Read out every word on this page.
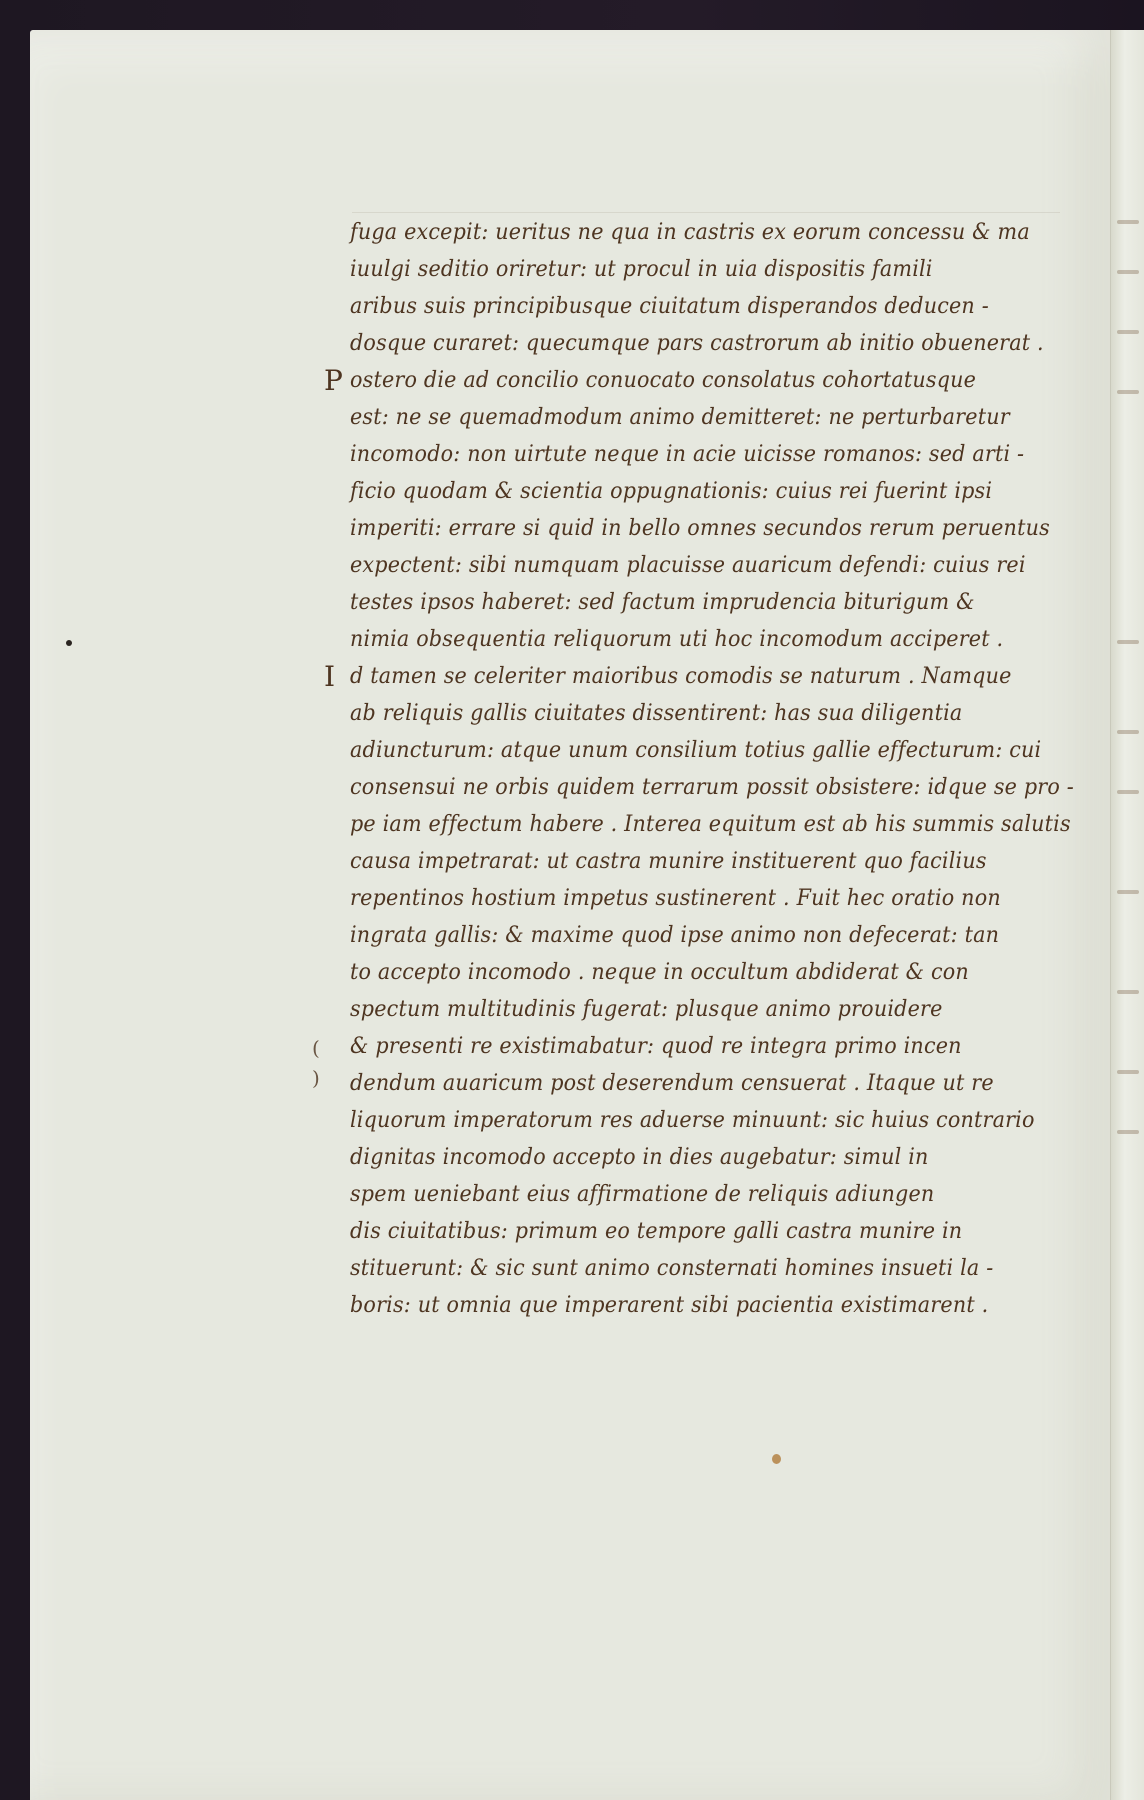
fuga excepit: ueritus ne qua in castris ex eorum concessu & ma
iuulgi seditio oriretur: ut procul in uia dispositis famili
aribus suis principibusque ciuitatum disperandos deducen -
dosque curaret: quecumque pars castrorum ab initio obuenerat .
ostero die ad concilio conuocato consolatus cohortatusque
est: ne se quemadmodum animo demitteret: ne perturbaretur
incomodo: non uirtute neque in acie uicisse romanos: sed arti -
ficio quodam & scientia oppugnationis: cuius rei fuerint ipsi
imperiti: errare si quid in bello omnes secundos rerum peruentus
expectent: sibi numquam placuisse auaricum defendi: cuius rei
testes ipsos haberet: sed factum imprudencia biturigum &
nimia obsequentia reliquorum uti hoc incomodum acciperet .
d tamen se celeriter maioribus comodis se naturum . Namque
ab reliquis gallis ciuitates dissentirent: has sua diligentia
adiuncturum: atque unum consilium totius gallie effecturum: cui
consensui ne orbis quidem terrarum possit obsistere: idque se pro -
pe iam effectum habere . Interea equitum est ab his summis salutis
causa impetrarat: ut castra munire instituerent quo facilius
repentinos hostium impetus sustinerent . Fuit hec oratio non
ingrata gallis: & maxime quod ipse animo non defecerat: tan
to accepto incomodo . neque in occultum abdiderat & con
spectum multitudinis fugerat: plusque animo prouidere
& presenti re existimabatur: quod re integra primo incen
dendum auaricum post deserendum censuerat . Itaque ut re
liquorum imperatorum res aduerse minuunt: sic huius contrario
dignitas incomodo accepto in dies augebatur: simul in
spem ueniebant eius affirmatione de reliquis adiungen
dis ciuitatibus: primum eo tempore galli castra munire in
stituerunt: & sic sunt animo consternati homines insueti la -
boris: ut omnia que imperarent sibi pacientia existimarent .
P
I
(
)
